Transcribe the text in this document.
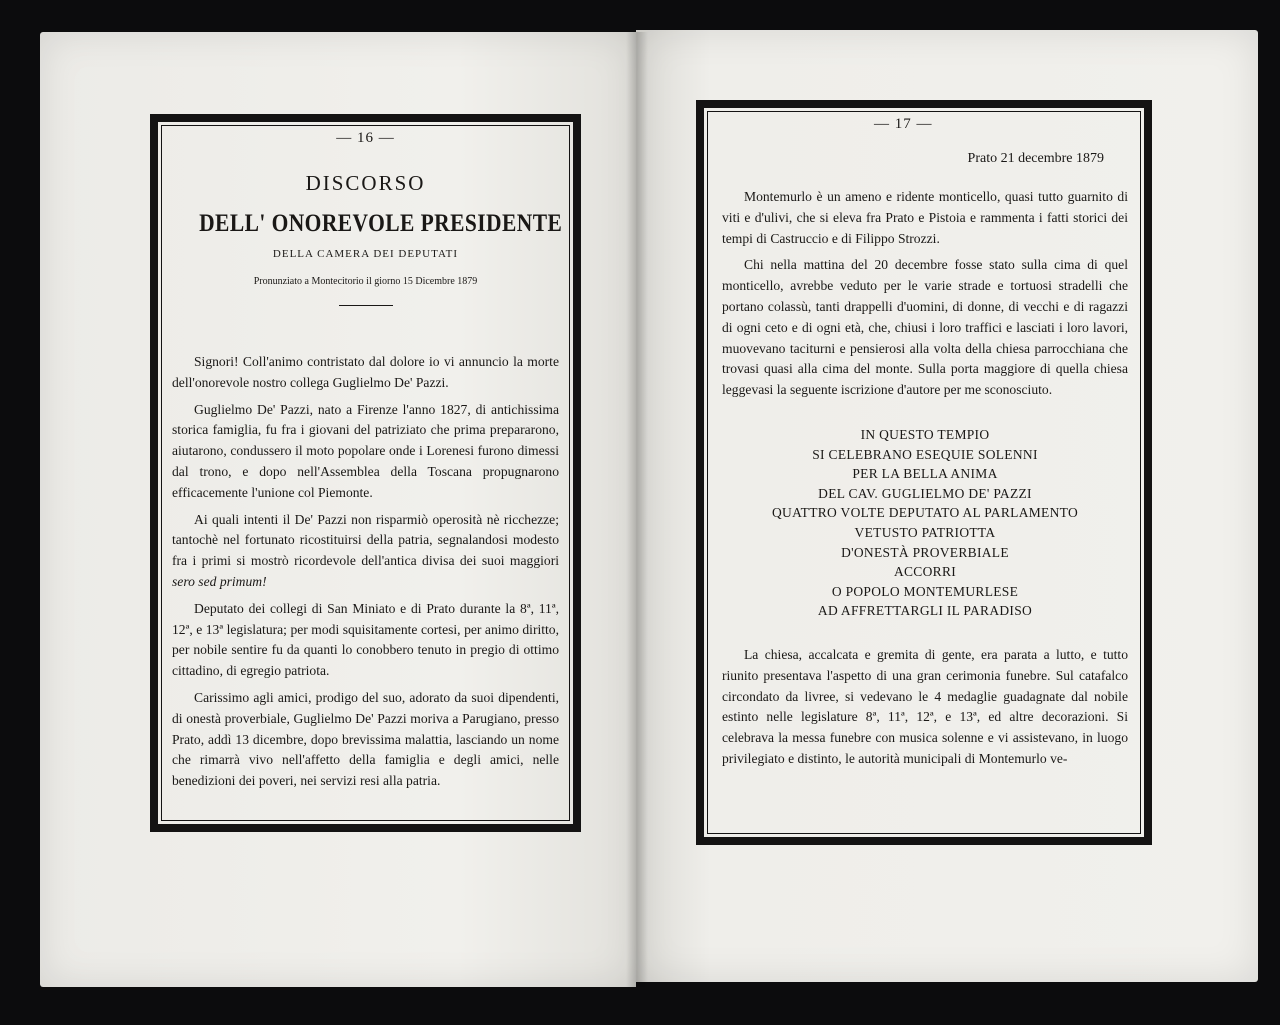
— 16 —
DISCORSO
DELL' ONOREVOLE PRESIDENTE
DELLA CAMERA DEI DEPUTATI
Pronunziato a Montecitorio il giorno 15 Dicembre 1879

Signori! Coll'animo contristato dal dolore io vi annuncio la morte dell'onorevole nostro collega Guglielmo De' Pazzi.

Guglielmo De' Pazzi, nato a Firenze l'anno 1827, di antichissima storica famiglia, fu fra i giovani del patriziato che prima prepararono, aiutarono, condussero il moto popolare onde i Lorenesi furono dimessi dal trono, e dopo nell'Assemblea della Toscana propugnarono efficacemente l'unione col Piemonte.

Ai quali intenti il De' Pazzi non risparmiò operosità nè ricchezze; tantochè nel fortunato ricostituirsi della patria, segnalandosi modesto fra i primi si mostrò ricordevole dell'antica divisa dei suoi maggiori sero sed primum!

Deputato dei collegi di San Miniato e di Prato durante la 8ª, 11ª, 12ª, e 13ª legislatura; per modi squisitamente cortesi, per animo diritto, per nobile sentire fu da quanti lo conobbero tenuto in pregio di ottimo cittadino, di egregio patriota.

Carissimo agli amici, prodigo del suo, adorato da suoi dipendenti, di onestà proverbiale, Guglielmo De' Pazzi moriva a Parugiano, presso Prato, addì 13 dicembre, dopo brevissima malattia, lasciando un nome che rimarrà vivo nell'affetto della famiglia e degli amici, nelle benedizioni dei poveri, nei servizi resi alla patria.

— 17 —
Prato 21 decembre 1879

Montemurlo è un ameno e ridente monticello, quasi tutto guarnito di viti e d'ulivi, che si eleva fra Prato e Pistoia e rammenta i fatti storici dei tempi di Castruccio e di Filippo Strozzi.

Chi nella mattina del 20 decembre fosse stato sulla cima di quel monticello, avrebbe veduto per le varie strade e tortuosi stradelli che portano colassù, tanti drappelli d'uomini, di donne, di vecchi e di ragazzi di ogni ceto e di ogni età, che, chiusi i loro traffici e lasciati i loro lavori, muovevano taciturni e pensierosi alla volta della chiesa parrocchiana che trovasi quasi alla cima del monte. Sulla porta maggiore di quella chiesa leggevasi la seguente iscrizione d'autore per me sconosciuto.

IN QUESTO TEMPIO
SI CELEBRANO ESEQUIE SOLENNI
PER LA BELLA ANIMA
DEL CAV. GUGLIELMO DE' PAZZI
QUATTRO VOLTE DEPUTATO AL PARLAMENTO
VETUSTO PATRIOTTA
D'ONESTÀ PROVERBIALE
ACCORRI
O POPOLO MONTEMURLESE
AD AFFRETTARGLI IL PARADISO

La chiesa, accalcata e gremita di gente, era parata a lutto, e tutto riunito presentava l'aspetto di una gran cerimonia funebre. Sul catafalco circondato da livree, si vedevano le 4 medaglie guadagnate dal nobile estinto nelle legislature 8ª, 11ª, 12ª, e 13ª, ed altre decorazioni. Si celebrava la messa funebre con musica solenne e vi assistevano, in luogo privilegiato e distinto, le autorità municipali di Montemurlo ve-
